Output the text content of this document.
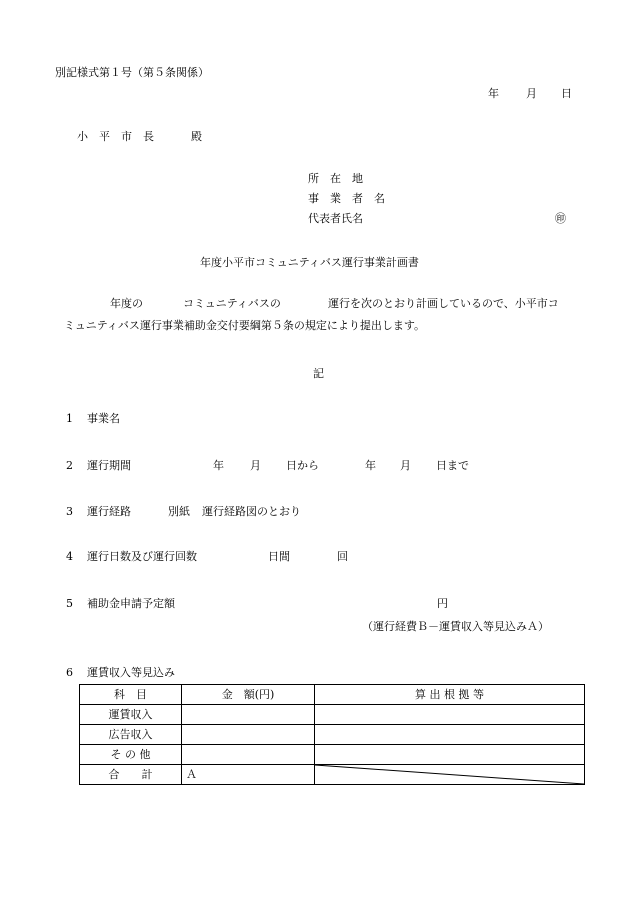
別記様式第１号（第５条関係）
年 月 日
小　平　市　長	殿
所　在　地
事　業　者　名
代表者氏名	㊞
年度小平市コミュニティバス運行事業計画書
年度の	コミュニティバスの	運行を次のとおり計画しているので、小平市コ
ミュニティバス運行事業補助金交付要綱第５条の規定により提出します。
記
1 事業名
2 運行期間	年 月 日から	年 月 日まで
3 運行経路	別紙 運行経路図のとおり
4 運行日数及び運行回数	日間	回
5 補助金申請予定額	円
（運行経費Ｂ－運賃収入等見込みＡ）
6 運賃収入等見込み
科　目	金　額(円)	算 出 根 拠 等
運賃収入		
広告収入		
そ の 他		
合　　計	Ａ	
